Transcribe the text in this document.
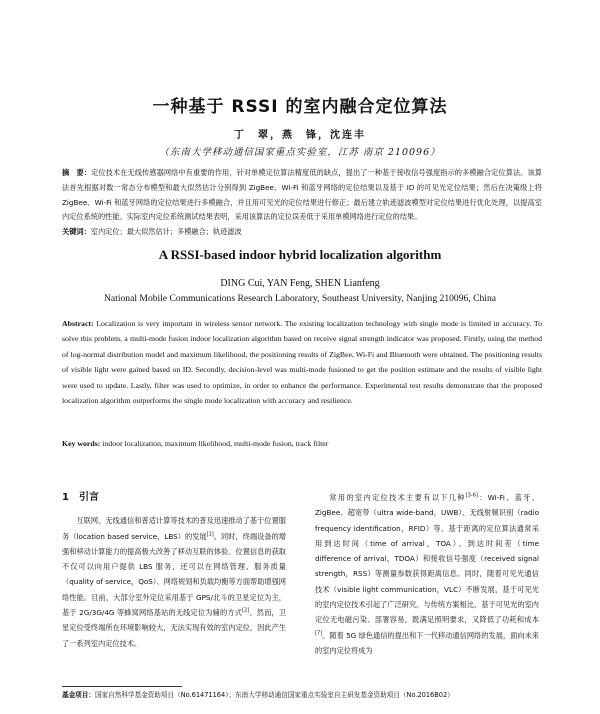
一种基于 RSSI 的室内融合定位算法
丁　翠，燕　锋，沈连丰
（东南大学移动通信国家重点实验室，江苏 南京 210096）
摘　要：定位技术在无线传感器网络中有重要的作用，针对单模定位算法精度低的缺点，提出了一种基于接收信号强度指示的多模融合定位算法。该算法首先根据对数一常态分布模型和最大似然估计分别得到 ZigBee、Wi-Fi 和蓝牙网络的定位结果以及基于 ID 的可见光定位结果；然后在决策级上将 ZigBee、Wi-Fi 和蓝牙网络的定位结果进行多模融合，并且用可见光的定位结果进行修正；最后建立轨迹滤波模型对定位结果进行优化处理，以提高室内定位系统的性能。实际室内定位系统测试结果表明，采用该算法的定位误差低于采用单模网络进行定位的结果。
关键词：室内定位；最大似然估计；多模融合；轨迹滤波
A RSSI-based indoor hybrid localization algorithm
DING Cui, YAN Feng, SHEN Lianfeng
National Mobile Communications Research Laboratory, Southeast University, Nanjing 210096, China
Abstract: Localization is very important in wireless sensor network. The existing localization technology with single mode is limited in accuracy. To solve this problem, a multi-mode fusion indoor localization algorithm based on receive signal strength indicator was proposed. Firstly, using the method of log-normal distribution model and maximum likelihood, the positioning results of ZigBee, Wi-Fi and Bluetooth were obtained. The positioning results of visible light were gained based on ID. Secondly, decision-level was multi-mode fusioned to get the position estimate and the results of visible light were used to update. Lastly, filter was used to optimize, in order to enhance the performance. Experimental test results demonstrate that the proposed localization algorithm outperforms the single mode localization with accuracy and resilience.
Key words: indoor localization, maximum likelihood, multi-mode fusion, track filter
1 引言

互联网、无线通信和普适计算等技术的普及迅速推动了基于位置服务（location based service，LBS）的发展[1]。同时，终端设备的增强和移动计算能力的提高极大改善了移动互联的体验。位置信息的获取不仅可以向用户提供 LBS 服务，还可以在网络管理、服务质量（quality of service，QoS）、网络规划和负载均衡等方面帮助增强网络性能。目前，大部分室外定位采用基于 GPS/北斗的卫星定位为主，基于 2G/3G/4G 等蜂窝网络基站的无线定位为辅的方式[2]。然而，卫星定位受终端所在环境影响较大，无法实现有效的室内定位，因此产生了一系列室内定位技术。

常用的室内定位技术主要有以下几种[3-6]：Wi-Fi、蓝牙、ZigBee、超宽带（ultra wide-band，UWB）、无线射频识别（radio frequency identification，RFID）等。基于距离的定位算法通常采用到达时间（time of arrival，TOA）、到达时间差（time difference of arrival，TDOA）和接收信号强度（received signal strength，RSS）等测量参数获得距离信息。同时，随着可见光通信技术（visible light communication，VLC）不断发展，基于可见光的室内定位技术引起了广泛研究。与传统方案相比，基于可见光的室内定位无电磁污染、部署容易，既满足照明要求，又降低了功耗和成本[7]。随着 5G 绿色通信的提出和下一代移动通信网络的发展，面向未来的室内定位将成为

基金项目：国家自然科学基金资助项目（No.61471164）；东南大学移动通信国家重点实验室自主研发基金资助项目（No.2016B02）
